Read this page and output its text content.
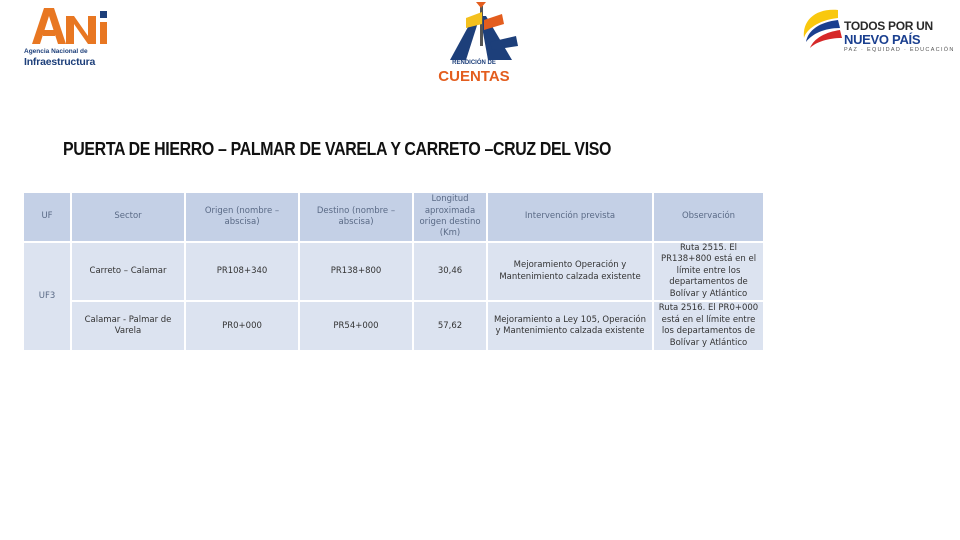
Agencia Nacional de
Infraestructura	RENDICIÓN DE
CUENTAS
TODOS POR UN
NUEVO PAÍS
PAZ · EQUIDAD · EDUCACIÓN
PUERTA DE HIERRO – PALMAR DE VARELA Y CARRETO –CRUZ DEL VISO
UF	Sector	Origen (nombre – abscisa)	Destino (nombre – abscisa)	Longitud aproximada origen destino (Km)	Intervención prevista	Observación
UF3	Carreto – Calamar	PR108+340	PR138+800	30,46	Mejoramiento Operación y Mantenimiento calzada existente	Ruta 2515. El PR138+800 está en el límite entre los departamentos de Bolívar y Atlántico
	Calamar - Palmar de Varela	PR0+000	PR54+000	57,62	Mejoramiento a Ley 105, Operación y Mantenimiento calzada existente	Ruta 2516. El PR0+000 está en el límite entre los departamentos de Bolívar y Atlántico
